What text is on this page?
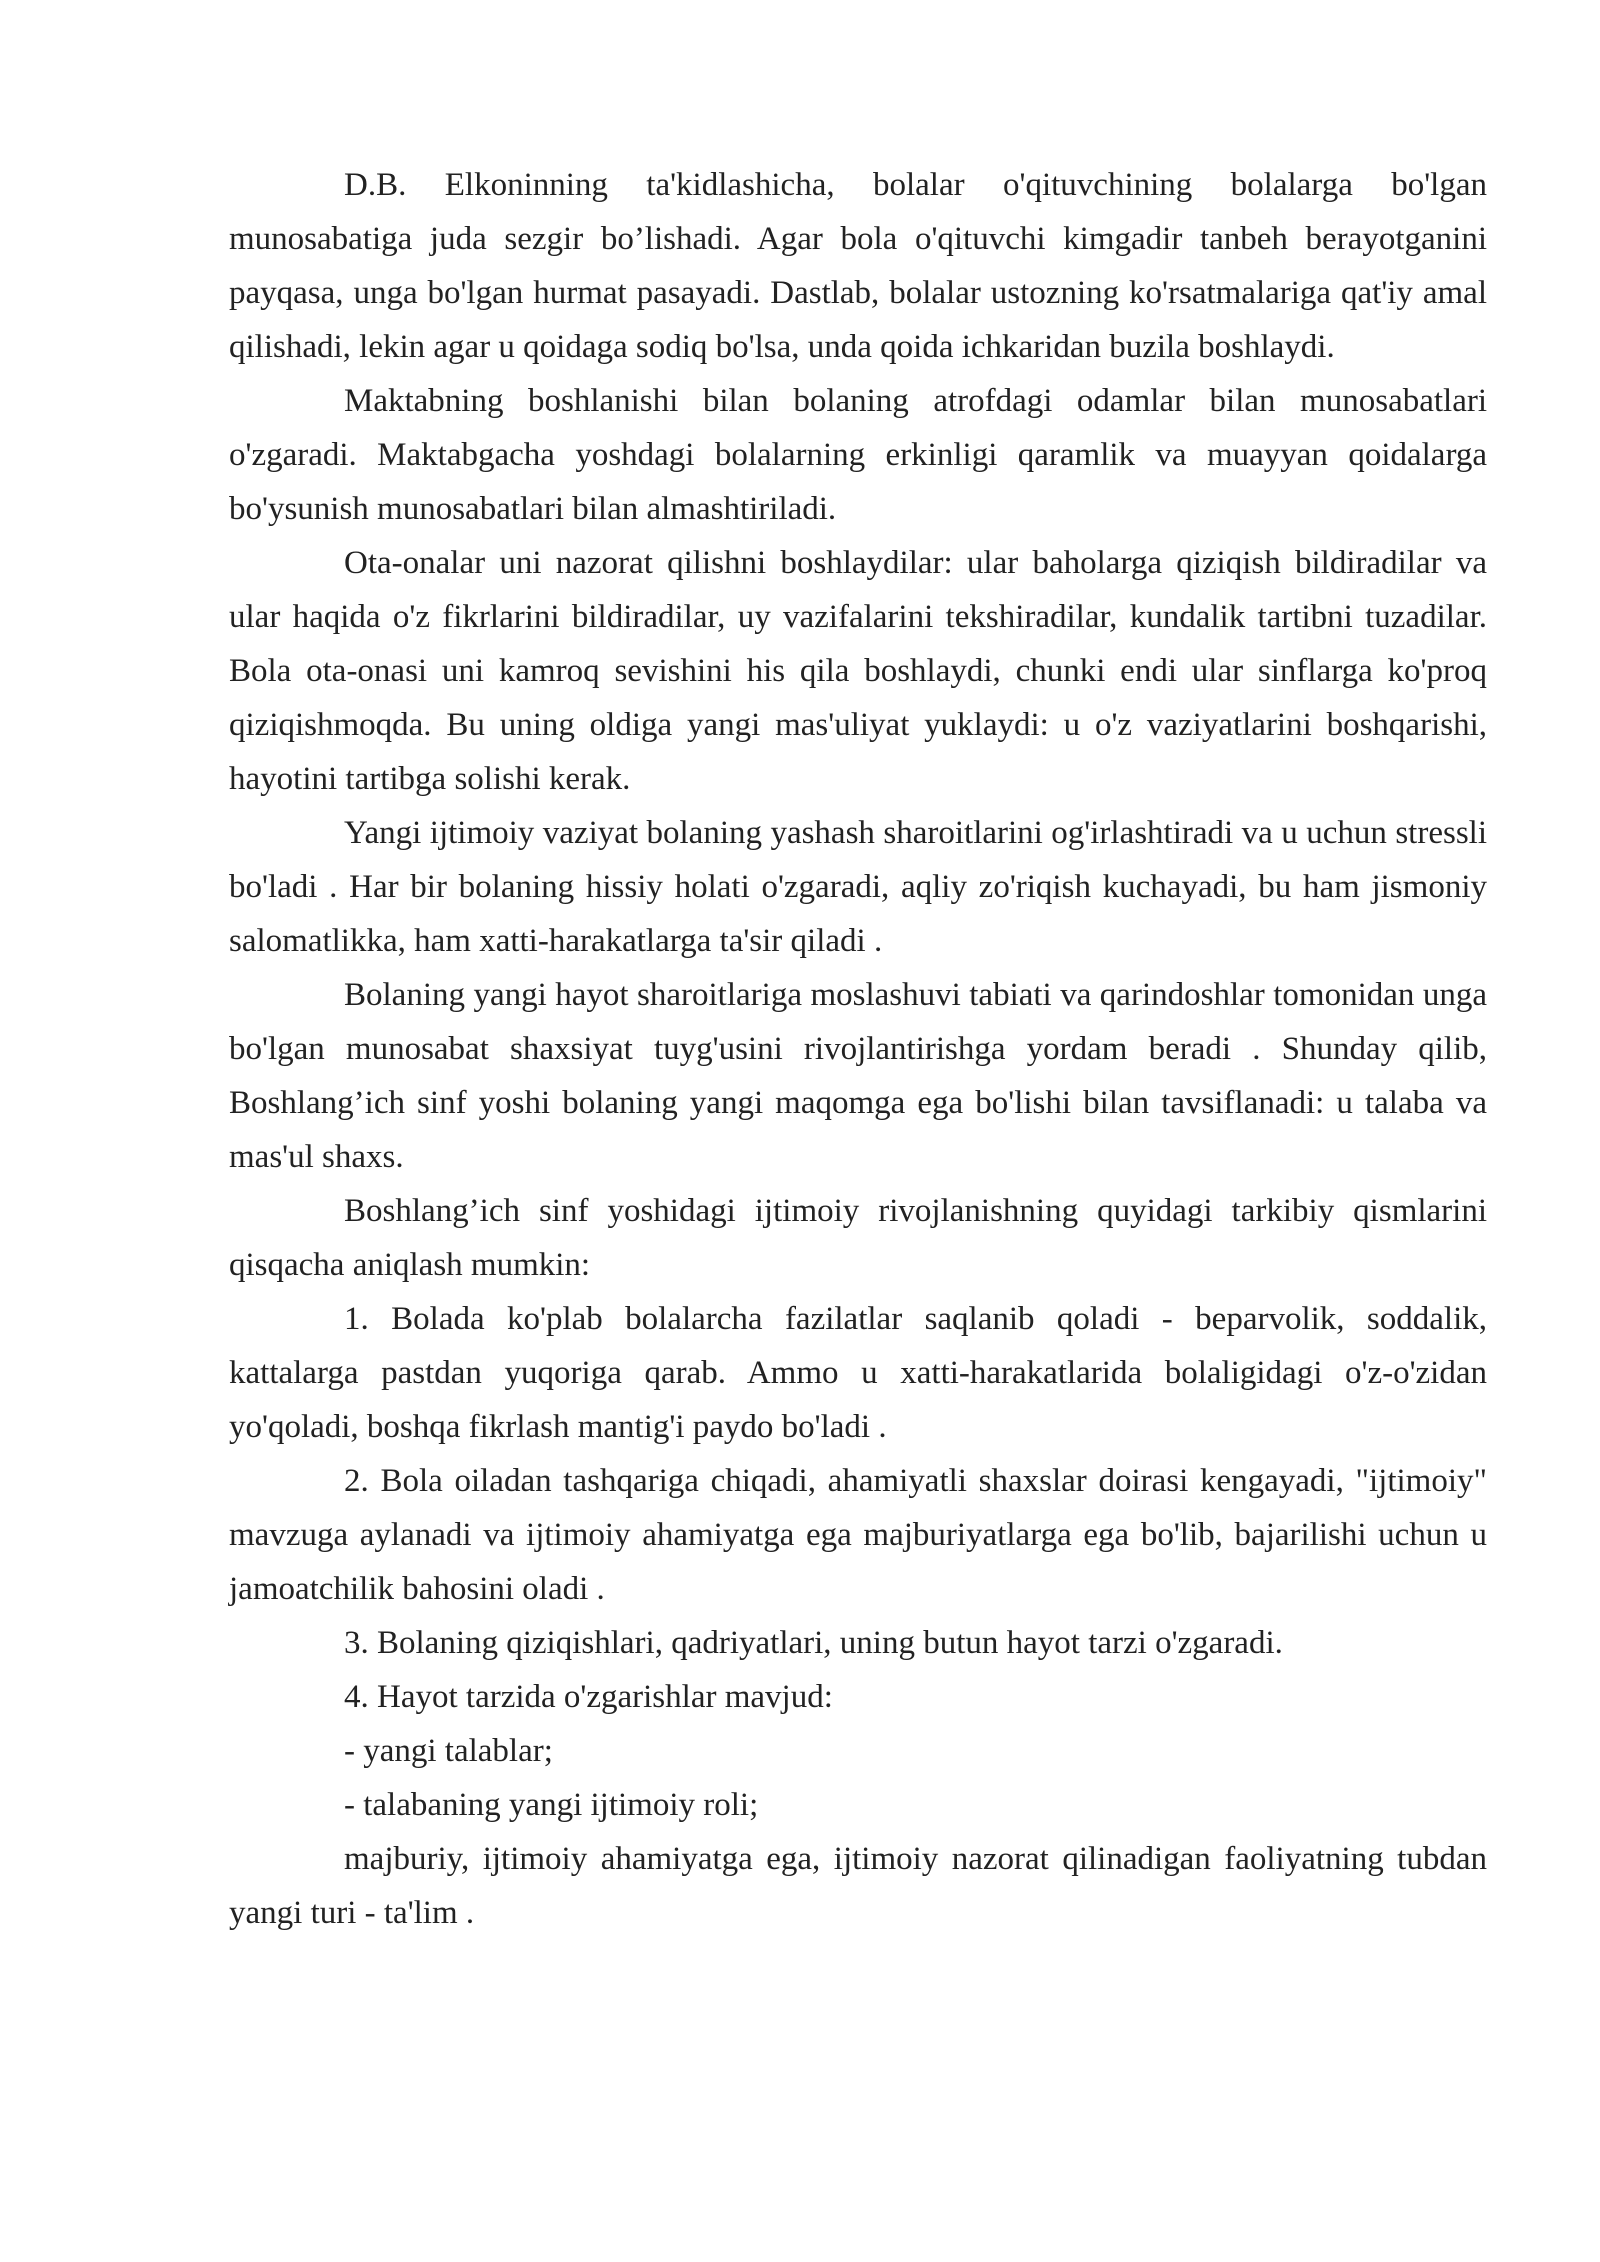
D.B. Elkoninning ta'kidlashicha, bolalar o'qituvchining bolalarga bo'lgan munosabatiga juda sezgir bo’lishadi. Agar bola o'qituvchi kimgadir tanbeh berayotganini payqasa, unga bo'lgan hurmat pasayadi. Dastlab, bolalar ustozning ko'rsatmalariga qat'iy amal qilishadi, lekin agar u qoidaga sodiq bo'lsa, unda qoida ichkaridan buzila boshlaydi.

Maktabning boshlanishi bilan bolaning atrofdagi odamlar bilan munosabatlari o'zgaradi. Maktabgacha yoshdagi bolalarning erkinligi qaramlik va muayyan qoidalarga bo'ysunish munosabatlari bilan almashtiriladi.

Ota-onalar uni nazorat qilishni boshlaydilar: ular baholarga qiziqish bildiradilar va ular haqida o'z fikrlarini bildiradilar, uy vazifalarini tekshiradilar, kundalik tartibni tuzadilar. Bola ota-onasi uni kamroq sevishini his qila boshlaydi, chunki endi ular sinflarga ko'proq qiziqishmoqda. Bu uning oldiga yangi mas'uliyat yuklaydi: u o'z vaziyatlarini boshqarishi, hayotini tartibga solishi kerak.

Yangi ijtimoiy vaziyat bolaning yashash sharoitlarini og'irlashtiradi va u uchun stressli bo'ladi . Har bir bolaning hissiy holati o'zgaradi, aqliy zo'riqish kuchayadi, bu ham jismoniy salomatlikka, ham xatti-harakatlarga ta'sir qiladi .

Bolaning yangi hayot sharoitlariga moslashuvi tabiati va qarindoshlar tomonidan unga bo'lgan munosabat shaxsiyat tuyg'usini rivojlantirishga yordam beradi . Shunday qilib, Boshlang’ich sinf yoshi bolaning yangi maqomga ega bo'lishi bilan tavsiflanadi: u talaba va mas'ul shaxs.

Boshlang’ich sinf yoshidagi ijtimoiy rivojlanishning quyidagi tarkibiy qismlarini qisqacha aniqlash mumkin:

1. Bolada ko'plab bolalarcha fazilatlar saqlanib qoladi - beparvolik, soddalik, kattalarga pastdan yuqoriga qarab. Ammo u xatti-harakatlarida bolaligidagi o'z-o'zidan yo'qoladi, boshqa fikrlash mantig'i paydo bo'ladi .

2. Bola oiladan tashqariga chiqadi, ahamiyatli shaxslar doirasi kengayadi, "ijtimoiy" mavzuga aylanadi va ijtimoiy ahamiyatga ega majburiyatlarga ega bo'lib, bajarilishi uchun u jamoatchilik bahosini oladi .

3. Bolaning qiziqishlari, qadriyatlari, uning butun hayot tarzi o'zgaradi.

4. Hayot tarzida o'zgarishlar mavjud:

- yangi talablar;

- talabaning yangi ijtimoiy roli;

majburiy, ijtimoiy ahamiyatga ega, ijtimoiy nazorat qilinadigan faoliyatning tubdan yangi turi - ta'lim .
